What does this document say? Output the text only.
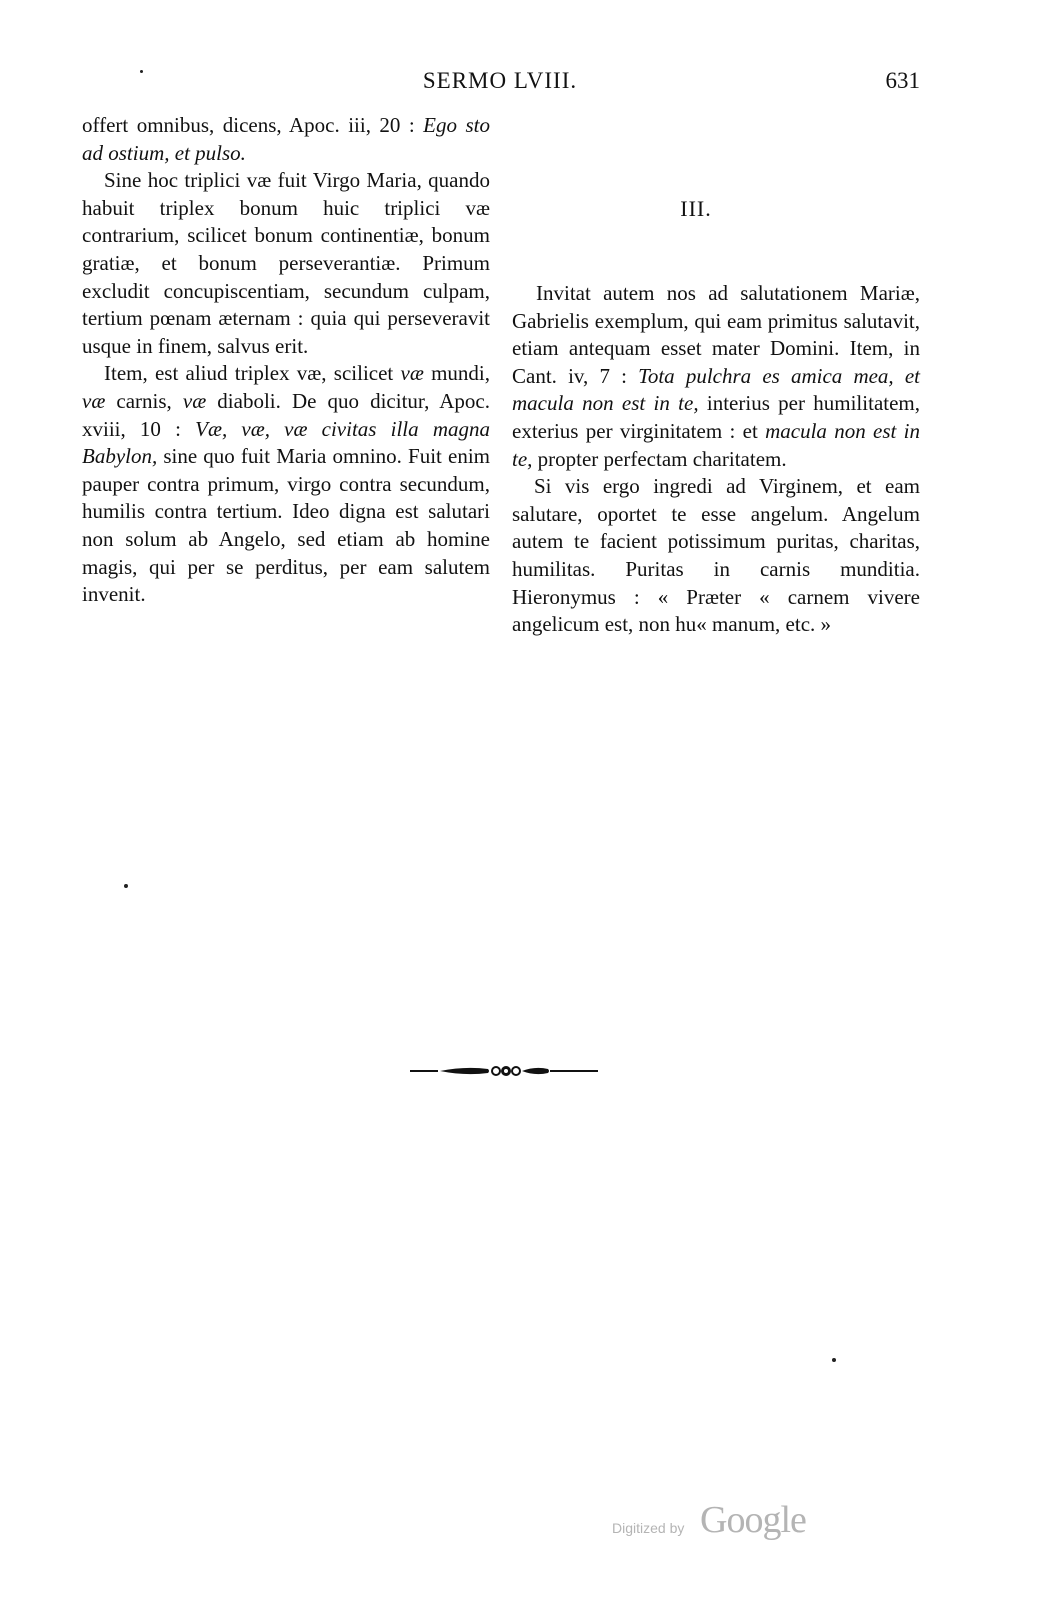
SERMO LVIII.	631

offert omnibus, dicens, Apoc. iii, 20 : Ego sto ad ostium, et pulso.

Sine hoc triplici væ fuit Virgo Maria, quando habuit triplex bonum huic triplici væ contrarium, scilicet bonum continentiæ, bonum gratiæ, et bonum perseverantiæ. Primum excludit concupiscentiam, secundum culpam, tertium pœnam æternam : quia qui perseveravit usque in finem, salvus erit.

Item, est aliud triplex væ, scilicet væ mundi, væ carnis, væ diaboli. De quo dicitur, Apoc. xviii, 10 : Væ, væ, væ civitas illa magna Babylon, sine quo fuit Maria omnino. Fuit enim pauper contra primum, virgo contra secundum, humilis contra tertium. Ideo digna est salutari non solum ab Angelo, sed etiam ab homine magis, qui per se perditus, per eam salutem invenit.

III.

Invitat autem nos ad salutationem Mariæ, Gabrielis exemplum, qui eam primitus salutavit, etiam antequam esset mater Domini. Item, in Cant. iv, 7 : Tota pulchra es amica mea, et macula non est in te, interius per humilitatem, exterius per virginitatem : et macula non est in te, propter perfectam charitatem.

Si vis ergo ingredi ad Virginem, et eam salutare, oportet te esse angelum. Angelum autem te facient potissimum puritas, charitas, humilitas. Puritas in carnis munditia. Hieronymus : « Præter « carnem vivere angelicum est, non hu« manum, etc. »

Digitized by Google
